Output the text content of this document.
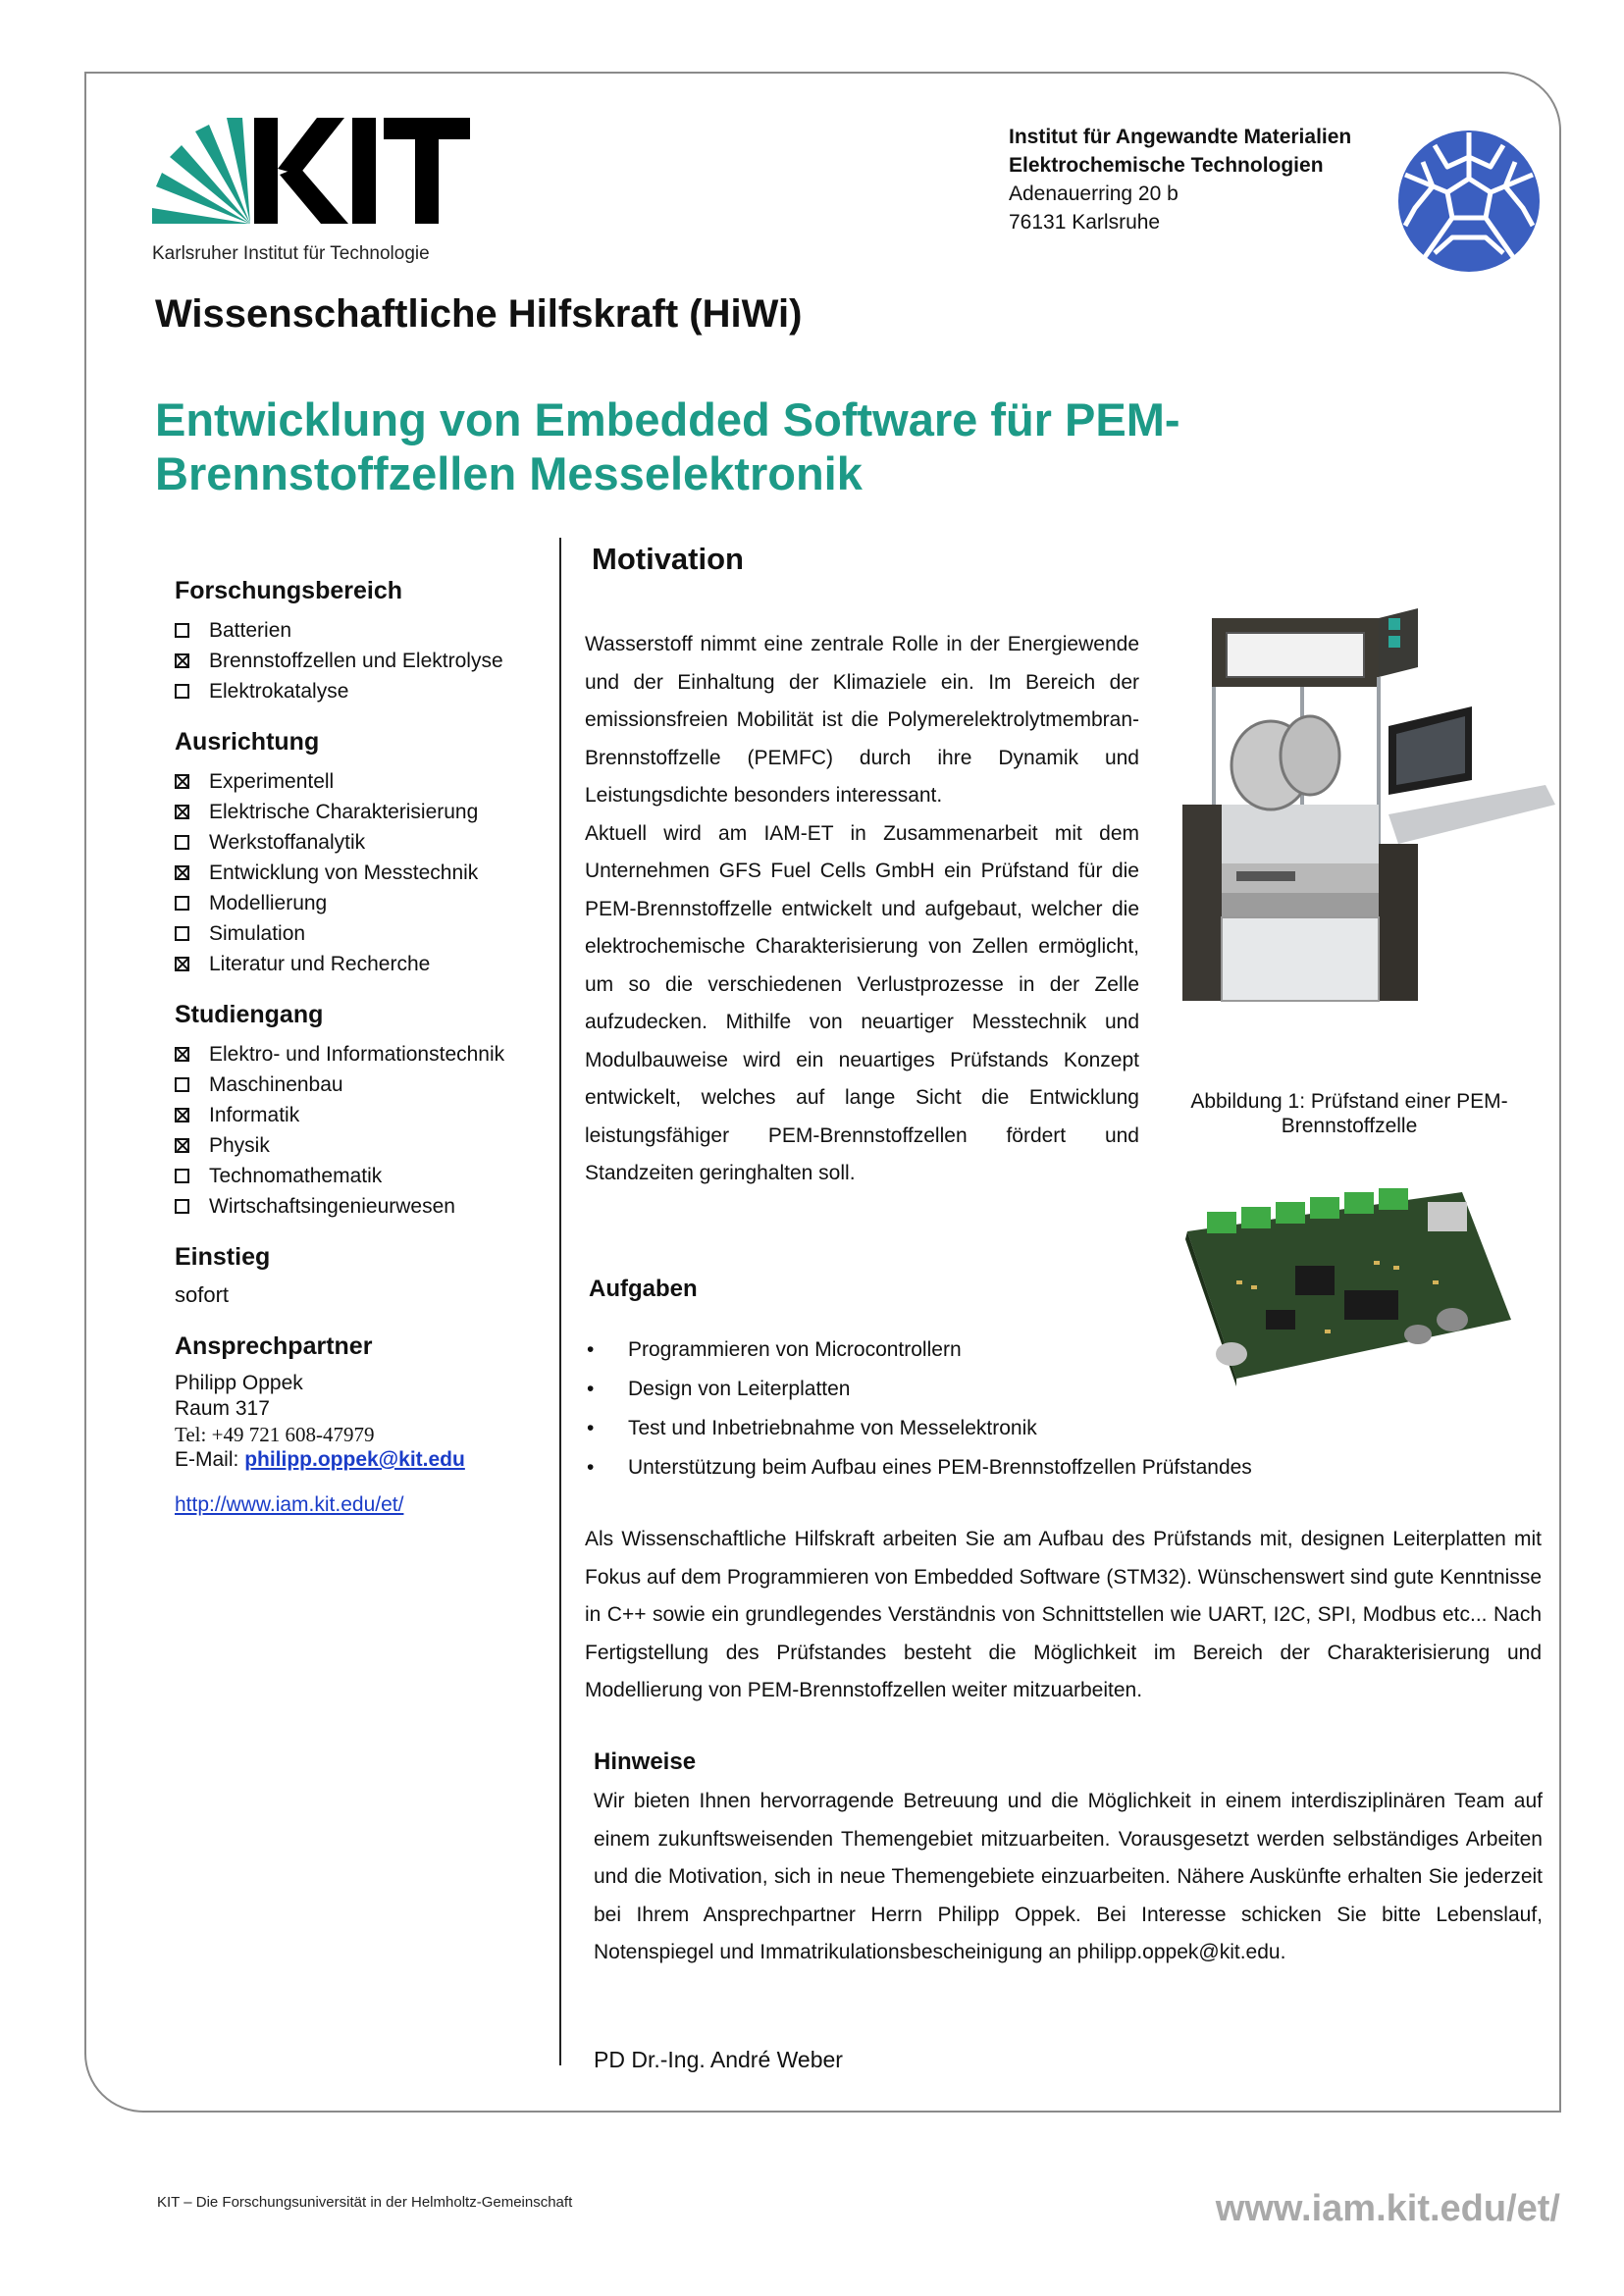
Karlsruher Institut für Technologie
Institut für Angewandte Materialien
Elektrochemische Technologien
Adenauerring 20 b
76131 Karlsruhe
Wissenschaftliche Hilfskraft (HiWi)
Entwicklung von Embedded Software für PEM-Brennstoffzellen Messelektronik
Forschungsbereich
Batterien
Brennstoffzellen und Elektrolyse
Elektrokatalyse
Ausrichtung
Experimentell
Elektrische Charakterisierung
Werkstoffanalytik
Entwicklung von Messtechnik
Modellierung
Simulation
Literatur und Recherche
Studiengang
Elektro- und Informationstechnik
Maschinenbau
Informatik
Physik
Technomathematik
Wirtschaftsingenieurwesen
Einstieg
sofort
Ansprechpartner
Philipp Oppek
Raum 317
Tel: +49 721 608-47979
E-Mail: philipp.oppek@kit.edu
http://www.iam.kit.edu/et/
Motivation

Wasserstoff nimmt eine zentrale Rolle in der Energiewende und der Einhaltung der Klimaziele ein. Im Bereich der emissionsfreien Mobilität ist die Polymerelektrolytmembran-Brennstoffzelle (PEMFC) durch ihre Dynamik und Leistungsdichte besonders interessant.

Aktuell wird am IAM-ET in Zusammenarbeit mit dem Unternehmen GFS Fuel Cells GmbH ein Prüfstand für die PEM-Brennstoffzelle entwickelt und aufgebaut, welcher die elektrochemische Charakterisierung von Zellen ermöglicht, um so die verschiedenen Verlustprozesse in der Zelle aufzudecken. Mithilfe von neuartiger Messtechnik und Modulbauweise wird ein neuartiges Prüfstands Konzept entwickelt, welches auf lange Sicht die Entwicklung leistungsfähiger PEM-Brennstoffzellen fördert und Standzeiten geringhalten soll.

Abbildung 1: Prüfstand einer PEM-Brennstoffzelle
Aufgaben
• Programmieren von Microcontrollern
• Design von Leiterplatten
• Test und Inbetriebnahme von Messelektronik
• Unterstützung beim Aufbau eines PEM-Brennstoffzellen Prüfstandes
Als Wissenschaftliche Hilfskraft arbeiten Sie am Aufbau des Prüfstands mit, designen Leiterplatten mit Fokus auf dem Programmieren von Embedded Software (STM32). Wünschenswert sind gute Kenntnisse in C++ sowie ein grundlegendes Verständnis von Schnittstellen wie UART, I2C, SPI, Modbus etc... Nach Fertigstellung des Prüfstandes besteht die Möglichkeit im Bereich der Charakterisierung und Modellierung von PEM-Brennstoffzellen weiter mitzuarbeiten.
Hinweise
Wir bieten Ihnen hervorragende Betreuung und die Möglichkeit in einem interdisziplinären Team auf einem zukunftsweisenden Themengebiet mitzuarbeiten. Vorausgesetzt werden selbständiges Arbeiten und die Motivation, sich in neue Themengebiete einzuarbeiten. Nähere Auskünfte erhalten Sie jederzeit bei Ihrem Ansprechpartner Herrn Philipp Oppek. Bei Interesse schicken Sie bitte Lebenslauf, Notenspiegel und Immatrikulationsbescheinigung an philipp.oppek@kit.edu.
PD Dr.-Ing. André Weber
KIT – Die Forschungsuniversität in der Helmholtz-Gemeinschaft	www.iam.kit.edu/et/
